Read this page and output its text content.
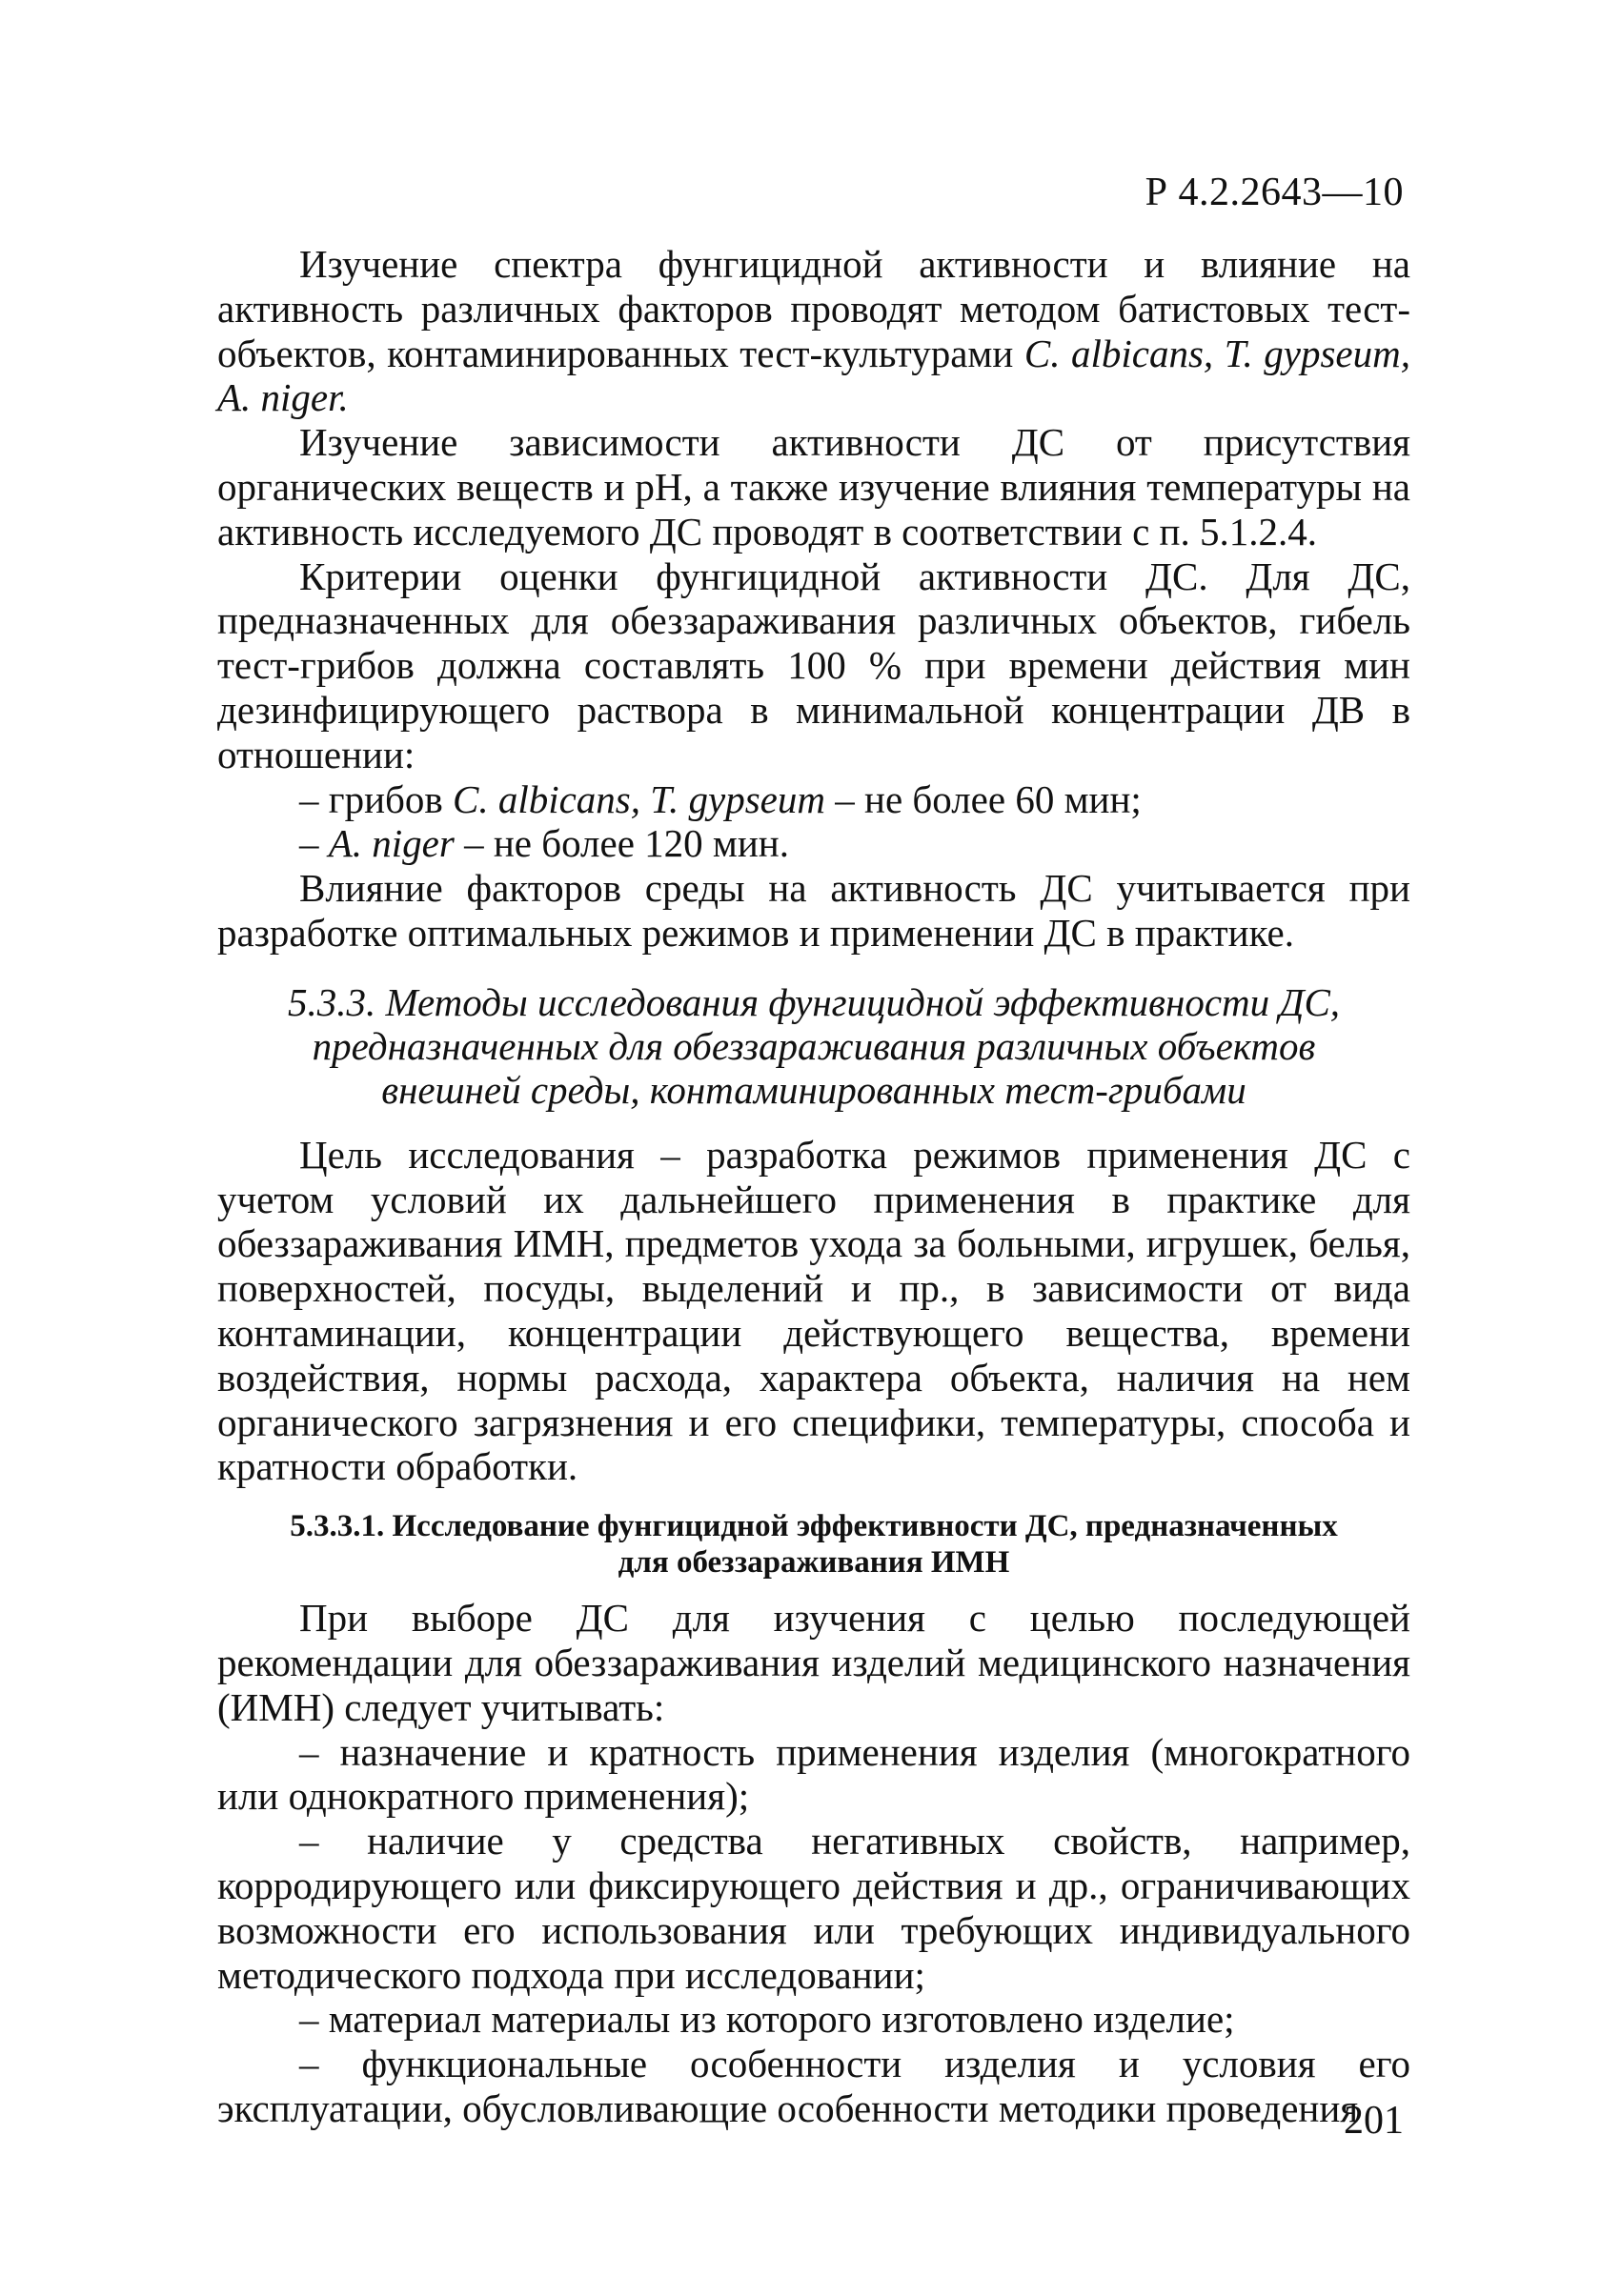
Р 4.2.2643—10

Изучение спектра фунгицидной активности и влияние на активность различных факторов проводят методом батистовых тест-объектов, контаминированных тест-культурами C. albicans, T. gypseum, A. niger.

Изучение зависимости активности ДС от присутствия органических веществ и pH, а также изучение влияния температуры на активность исследуемого ДС проводят в соответствии с п. 5.1.2.4.

Критерии оценки фунгицидной активности ДС. Для ДС, предназначенных для обеззараживания различных объектов, гибель тест-грибов должна составлять 100 % при времени действия мин дезинфицирующего раствора в минимальной концентрации ДВ в отношении:

– грибов C. albicans, T. gypseum – не более 60 мин;

– A. niger – не более 120 мин.

Влияние факторов среды на активность ДС учитывается при разработке оптимальных режимов и применении ДС в практике.

5.3.3. Методы исследования фунгицидной эффективности ДС,
предназначенных для обеззараживания различных объектов
внешней среды, контаминированных тест-грибами

Цель исследования – разработка режимов применения ДС с учетом условий их дальнейшего применения в практике для обеззараживания ИМН, предметов ухода за больными, игрушек, белья, поверхностей, посуды, выделений и пр., в зависимости от вида контаминации, концентрации действующего вещества, времени воздействия, нормы расхода, характера объекта, наличия на нем органического загрязнения и его специфики, температуры, способа и кратности обработки.

5.3.3.1. Исследование фунгицидной эффективности ДС, предназначенных
для обеззараживания ИМН

При выборе ДС для изучения с целью последующей рекомендации для обеззараживания изделий медицинского назначения (ИМН) следует учитывать:

– назначение и кратность применения изделия (многократного или однократного применения);

– наличие у средства негативных свойств, например, корродирующего или фиксирующего действия и др., ограничивающих возможности его использования или требующих индивидуального методического подхода при исследовании;

– материал материалы из которого изготовлено изделие;

– функциональные особенности изделия и условия его эксплуатации, обусловливающие особенности методики проведения

201
